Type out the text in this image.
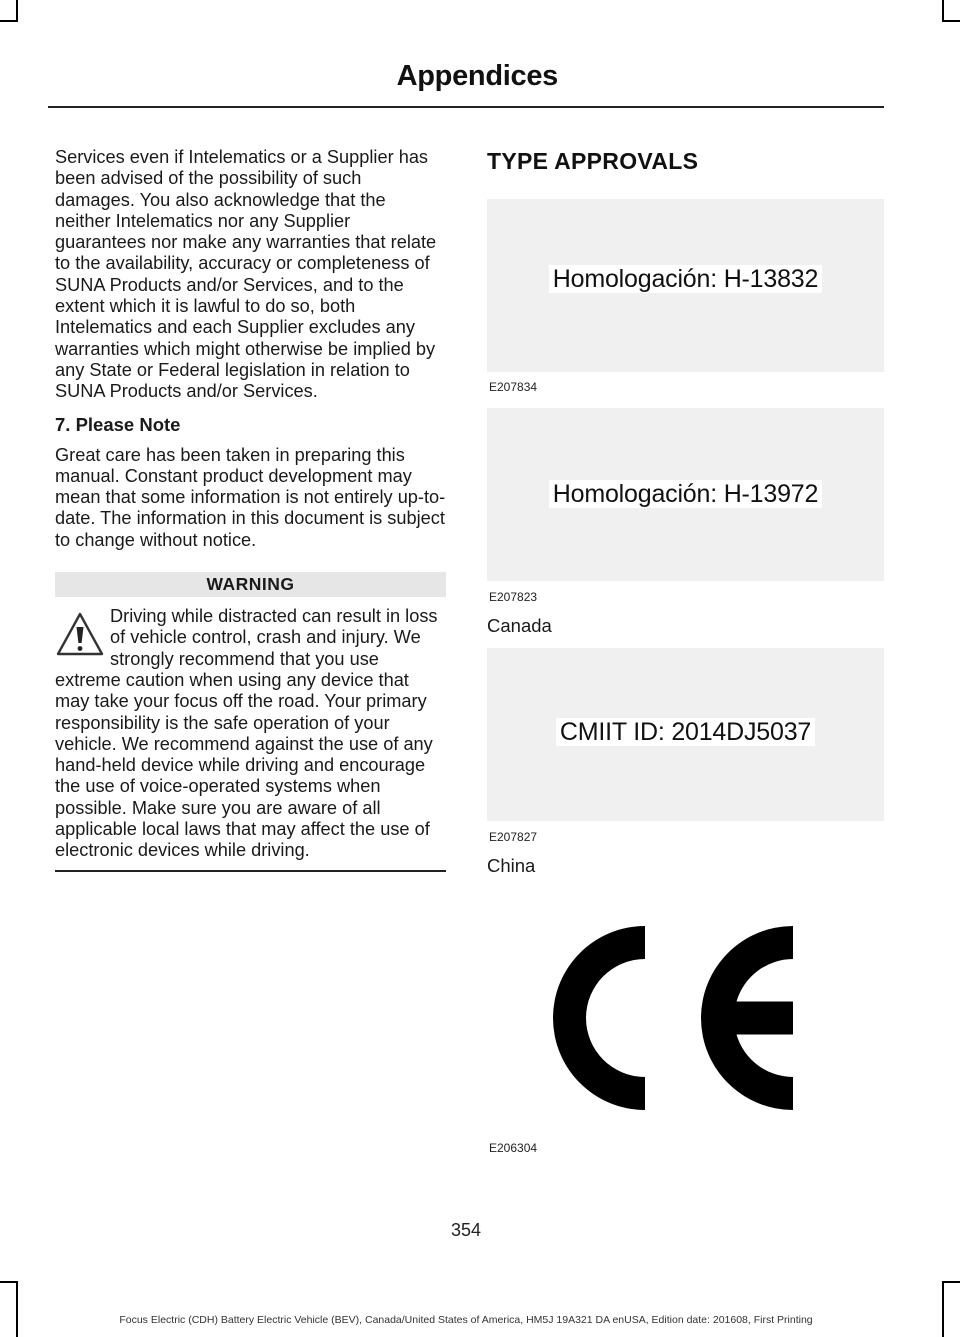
Appendices

Services even if Intelematics or a Supplier has been advised of the possibility of such damages. You also acknowledge that the neither Intelematics nor any Supplier guarantees nor make any warranties that relate to the availability, accuracy or completeness of SUNA Products and/or Services, and to the extent which it is lawful to do so, both Intelematics and each Supplier excludes any warranties which might otherwise be implied by any State or Federal legislation in relation to SUNA Products and/or Services.

7. Please Note

Great care has been taken in preparing this manual. Constant product development may mean that some information is not entirely up-to-date. The information in this document is subject to change without notice.

WARNING
Driving while distracted can result in loss of vehicle control, crash and injury. We strongly recommend that you use extreme caution when using any device that may take your focus off the road. Your primary responsibility is the safe operation of your vehicle. We recommend against the use of any hand-held device while driving and encourage the use of voice-operated systems when possible. Make sure you are aware of all applicable local laws that may affect the use of electronic devices while driving.
TYPE APPROVALS
Homologación: H-13832
E207834
Homologación: H-13972
E207823
Canada
CMIIT ID: 2014DJ5037
E207827
China
E206304
354
Focus Electric (CDH) Battery Electric Vehicle (BEV), Canada/United States of America, HM5J 19A321 DA enUSA, Edition date: 201608, First Printing
